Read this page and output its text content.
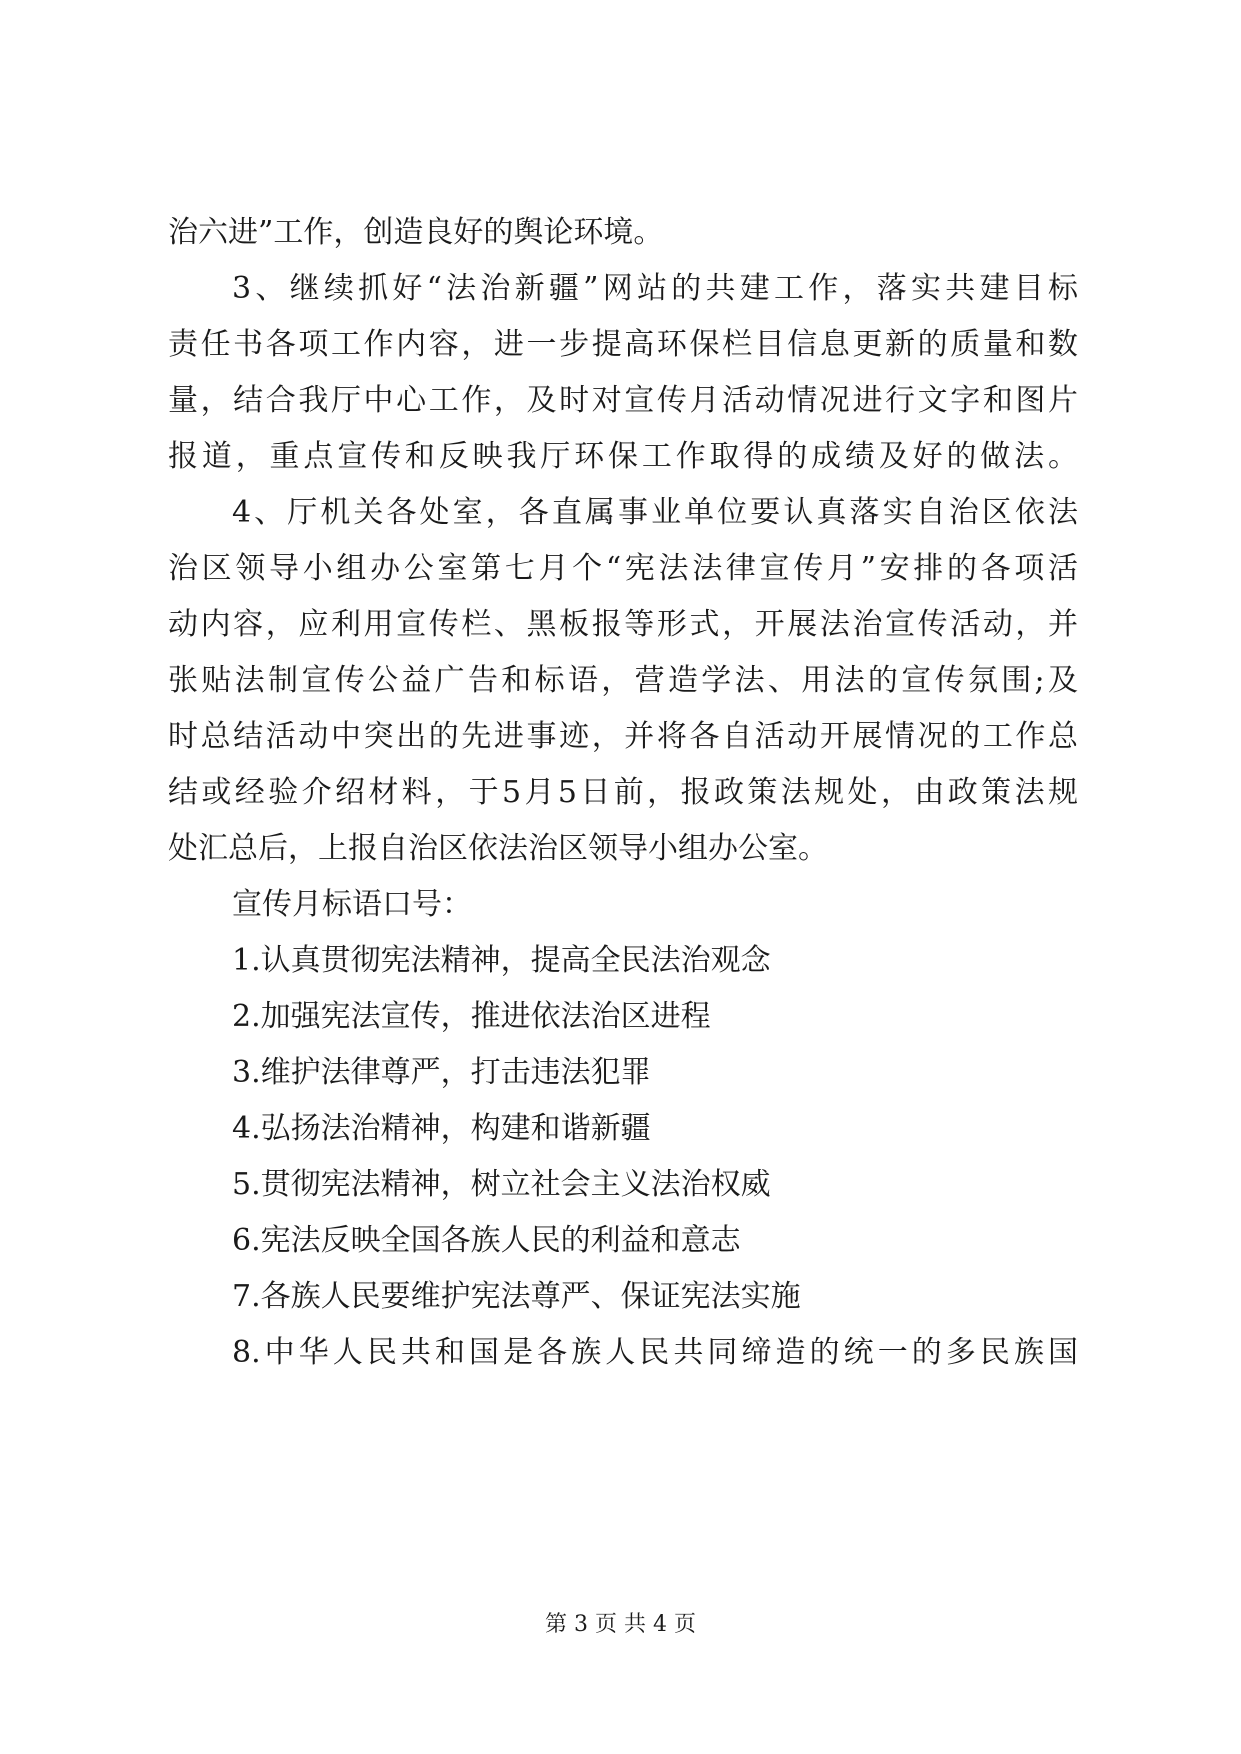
治六进”工作，创造良好的舆论环境。
3、继续抓好“法治新疆”网站的共建工作，落实共建目标
责任书各项工作内容，进一步提高环保栏目信息更新的质量和数
量，结合我厅中心工作，及时对宣传月活动情况进行文字和图片
报道，重点宣传和反映我厅环保工作取得的成绩及好的做法。
4、厅机关各处室，各直属事业单位要认真落实自治区依法
治区领导小组办公室第七月个“宪法法律宣传月”安排的各项活
动内容，应利用宣传栏、黑板报等形式，开展法治宣传活动，并
张贴法制宣传公益广告和标语，营造学法、用法的宣传氛围;及
时总结活动中突出的先进事迹，并将各自活动开展情况的工作总
结或经验介绍材料，于5月5日前，报政策法规处，由政策法规
处汇总后，上报自治区依法治区领导小组办公室。
宣传月标语口号：
1.认真贯彻宪法精神，提高全民法治观念
2.加强宪法宣传，推进依法治区进程
3.维护法律尊严，打击违法犯罪
4.弘扬法治精神，构建和谐新疆
5.贯彻宪法精神，树立社会主义法治权威
6.宪法反映全国各族人民的利益和意志
7.各族人民要维护宪法尊严、保证宪法实施
8.中华人民共和国是各族人民共同缔造的统一的多民族国
第 3 页 共 4 页
